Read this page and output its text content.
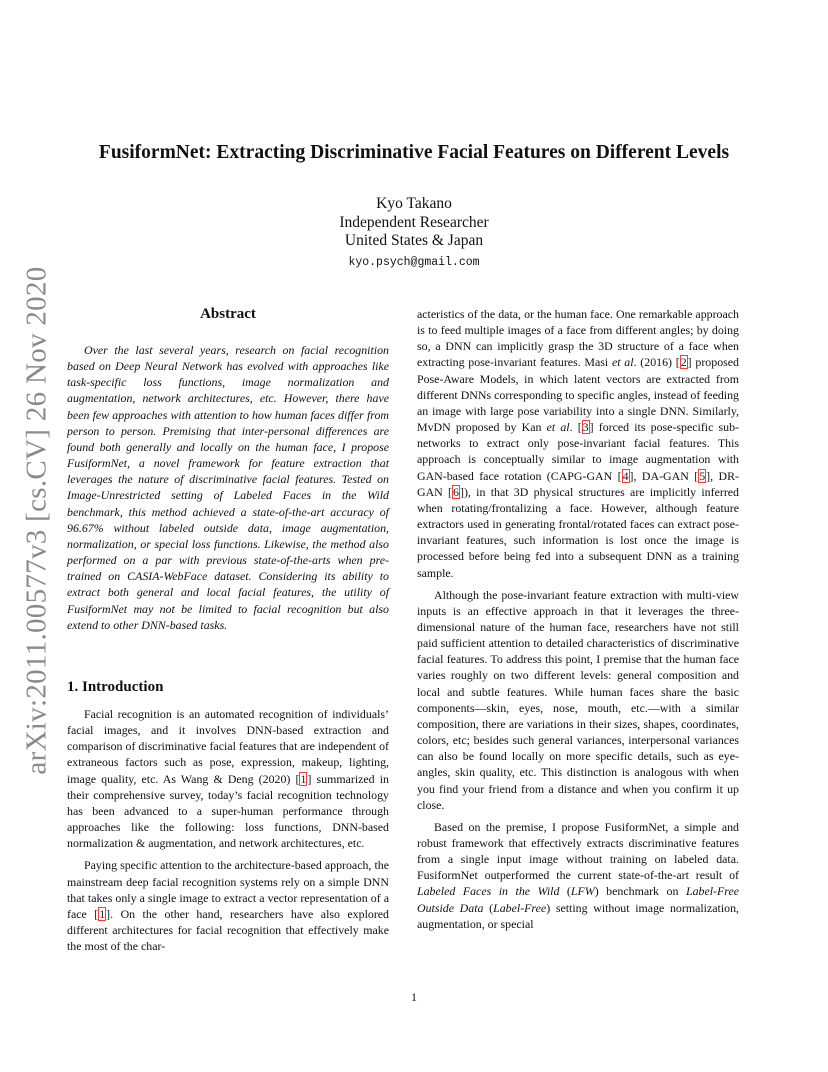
arXiv:2011.00577v3 [cs.CV] 26 Nov 2020
FusiformNet: Extracting Discriminative Facial Features on Different Levels
Kyo Takano
Independent Researcher
United States & Japan
kyo.psych@gmail.com
Abstract

Over the last several years, research on facial recognition based on Deep Neural Network has evolved with approaches like task-specific loss functions, image normalization and augmentation, network architectures, etc. However, there have been few approaches with attention to how human faces differ from person to person. Premising that inter-personal differences are found both generally and locally on the human face, I propose FusiformNet, a novel framework for feature extraction that leverages the nature of discriminative facial features. Tested on Image-Unrestricted setting of Labeled Faces in the Wild benchmark, this method achieved a state-of-the-art accuracy of 96.67% without labeled outside data, image augmentation, normalization, or special loss functions. Likewise, the method also performed on a par with previous state-of-the-arts when pre-trained on CASIA-WebFace dataset. Considering its ability to extract both general and local facial features, the utility of FusiformNet may not be limited to facial recognition but also extend to other DNN-based tasks.

1. Introduction

Facial recognition is an automated recognition of individuals’ facial images, and it involves DNN-based extraction and comparison of discriminative facial features that are independent of extraneous factors such as pose, expression, makeup, lighting, image quality, etc. As Wang & Deng (2020) [1] summarized in their comprehensive survey, today’s facial recognition technology has been advanced to a super-human performance through approaches like the following: loss functions, DNN-based normalization & augmentation, and network architectures, etc.

Paying specific attention to the architecture-based approach, the mainstream deep facial recognition systems rely on a simple DNN that takes only a single image to extract a vector representation of a face [1]. On the other hand, researchers have also explored different architectures for facial recognition that effectively make the most of the char-

acteristics of the data, or the human face. One remarkable approach is to feed multiple images of a face from different angles; by doing so, a DNN can implicitly grasp the 3D structure of a face when extracting pose-invariant features. Masi et al. (2016) [2] proposed Pose-Aware Models, in which latent vectors are extracted from different DNNs corresponding to specific angles, instead of feeding an image with large pose variability into a single DNN. Similarly, MvDN proposed by Kan et al. [3] forced its pose-specific sub-networks to extract only pose-invariant facial features. This approach is conceptually similar to image augmentation with GAN-based face rotation (CAPG-GAN [4], DA-GAN [5], DR-GAN [6]), in that 3D physical structures are implicitly inferred when rotating/frontalizing a face. However, although feature extractors used in generating frontal/rotated faces can extract pose-invariant features, such information is lost once the image is processed before being fed into a subsequent DNN as a training sample.

Although the pose-invariant feature extraction with multi-view inputs is an effective approach in that it leverages the three-dimensional nature of the human face, researchers have not still paid sufficient attention to detailed characteristics of discriminative facial features. To address this point, I premise that the human face varies roughly on two different levels: general composition and local and subtle features. While human faces share the basic components—skin, eyes, nose, mouth, etc.—with a similar composition, there are variations in their sizes, shapes, coordinates, colors, etc; besides such general variances, interpersonal variances can also be found locally on more specific details, such as eye-angles, skin quality, etc. This distinction is analogous with when you find your friend from a distance and when you confirm it up close.

Based on the premise, I propose FusiformNet, a simple and robust framework that effectively extracts discriminative features from a single input image without training on labeled data. FusiformNet outperformed the current state-of-the-art result of Labeled Faces in the Wild (LFW) benchmark on Label-Free Outside Data (Label-Free) setting without image normalization, augmentation, or special

1
